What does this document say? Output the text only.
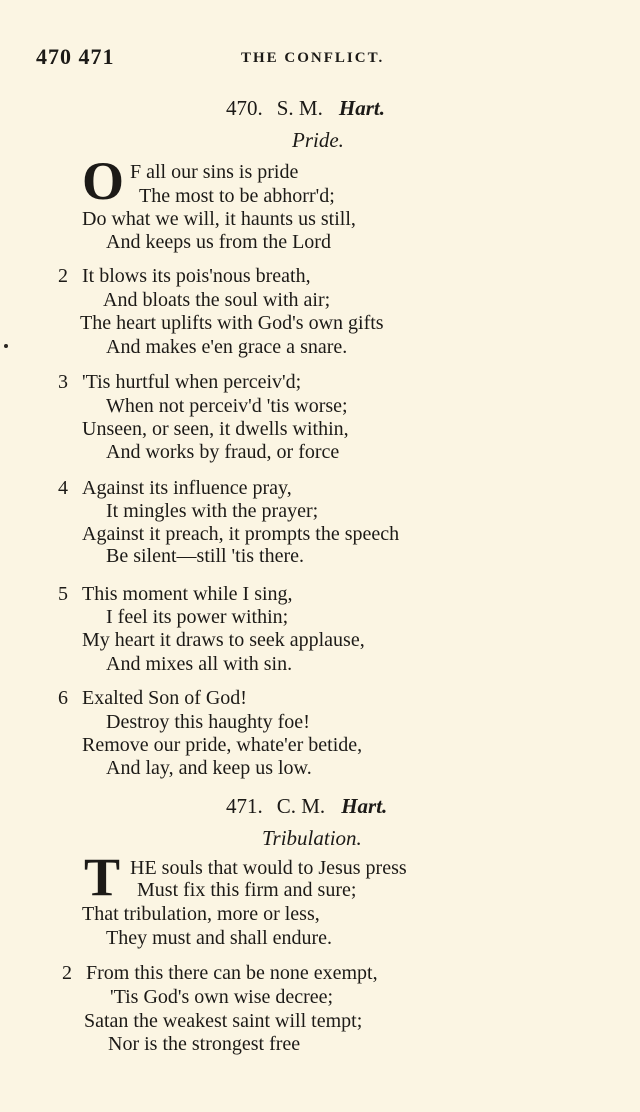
470 471	THE CONFLICT.
470. S. M. Hart.
Pride.
O F all our sins is pride
The most to be abhorr'd;
Do what we will, it haunts us still,
And keeps us from the Lord
2 It blows its pois'nous breath,
And bloats the soul with air;
The heart uplifts with God's own gifts
And makes e'en grace a snare.
3 'Tis hurtful when perceiv'd;
When not perceiv'd 'tis worse;
Unseen, or seen, it dwells within,
And works by fraud, or force
4 Against its influence pray,
It mingles with the prayer;
Against it preach, it prompts the speech
Be silent—still 'tis there.
5 This moment while I sing,
I feel its power within;
My heart it draws to seek applause,
And mixes all with sin.
6 Exalted Son of God!
Destroy this haughty foe!
Remove our pride, whate'er betide,
And lay, and keep us low.
471. C. M. Hart.
Tribulation.
T HE souls that would to Jesus press
Must fix this firm and sure;
That tribulation, more or less,
They must and shall endure.
2 From this there can be none exempt,
'Tis God's own wise decree;
Satan the weakest saint will tempt;
Nor is the strongest free
